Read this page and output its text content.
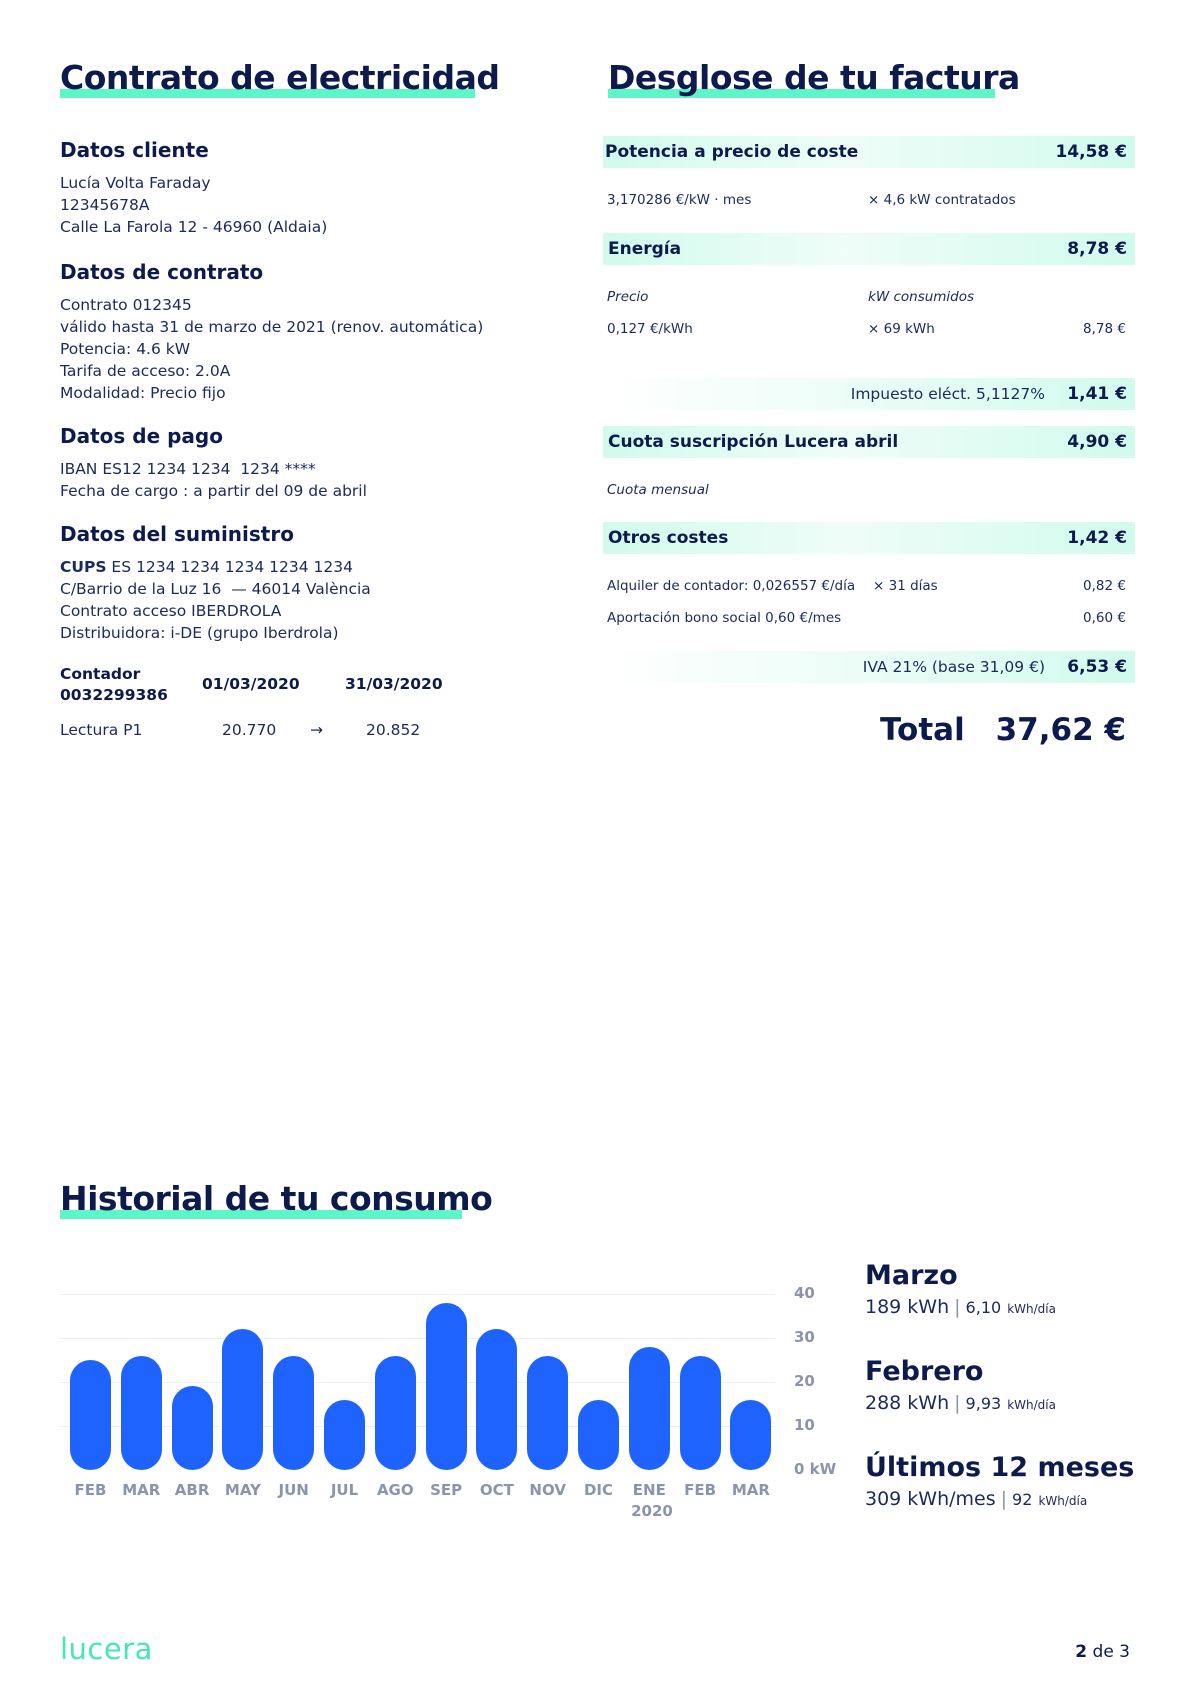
Contrato de electricidad
Datos cliente
Lucía Volta Faraday
12345678A
Calle La Farola 12 - 46960 (Aldaia)
Datos de contrato
Contrato 012345
válido hasta 31 de marzo de 2021 (renov. automática)
Potencia: 4.6 kW
Tarifa de acceso: 2.0A
Modalidad: Precio fijo
Datos de pago
IBAN ES12 1234 1234  1234 ****
Fecha de cargo : a partir del 09 de abril
Datos del suministro
CUPS ES 1234 1234 1234 1234 1234
C/Barrio de la Luz 16  — 46014 València
Contrato acceso IBERDROLA
Distribuidora: i-DE (grupo Iberdrola)
Contador
0032299386
01/03/2020	31/03/2020
Lectura P1	20.770 →	20.852
Desglose de tu factura
Potencia a precio de coste	14,58 €
3,170286 €/kW · mes	× 4,6 kW contratados
Energía	8,78 €
Precio	kW consumidos
0,127 €/kWh	× 69 kWh	8,78 €
Impuesto eléct. 5,1127% 1,41 €
Cuota suscripción Lucera abril	4,90 €
Cuota mensual
Otros costes	1,42 €
Alquiler de contador: 0,026557 €/día × 31 días	0,82 €
Aportación bono social 0,60 €/mes	0,60 €
IVA 21% (base 31,09 €) 6,53 €
Total 37,62 €
Historial de tu consumo
40
30
20
10
0 kW
FEB	MAR ABR	MAY	JUN	JUL	AGO	SEP	OCT	NOV	DIC	ENE	FEB	MAR
2020
Marzo
189 kWh | 6,10 kWh/día
Febrero
288 kWh | 9,93 kWh/día
Últimos 12 meses
309 kWh/mes | 92 kWh/día
lucera	2 de 3
